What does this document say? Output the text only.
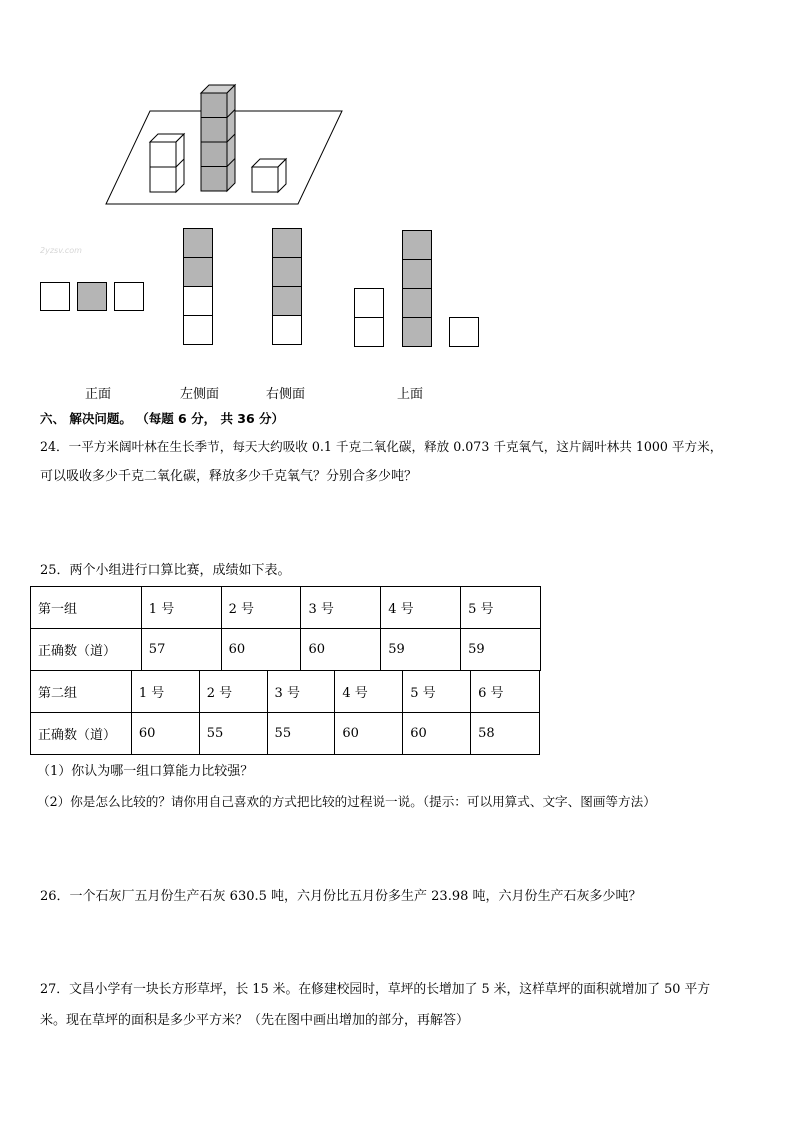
2yzsv.com
正面	左侧面	右侧面	上面
六、 解决问题。 （每题 6 分， 共 36 分）
24．一平方米阔叶林在生长季节，每天大约吸收 0.1 千克二氧化碳，释放 0.073 千克氧气，这片阔叶林共 1000 平方米，
可以吸收多少千克二氧化碳，释放多少千克氧气？分别合多少吨？
25．两个小组进行口算比赛，成绩如下表。
第一组	1 号	2 号	3 号	4 号	5 号
正确数（道）	57	60	60	59	59
第二组	1 号	2 号	3 号	4 号	5 号	6 号
正确数（道）	60	55	55	60	60	58
（1）你认为哪一组口算能力比较强？
（2）你是怎么比较的？请你用自己喜欢的方式把比较的过程说一说。（提示：可以用算式、文字、图画等方法）
26．一个石灰厂五月份生产石灰 630.5 吨，六月份比五月份多生产 23.98 吨，六月份生产石灰多少吨？
27．文昌小学有一块长方形草坪，长 15 米。在修建校园时，草坪的长增加了 5 米，这样草坪的面积就增加了 50 平方
米。现在草坪的面积是多少平方米？（先在图中画出增加的部分，再解答）
